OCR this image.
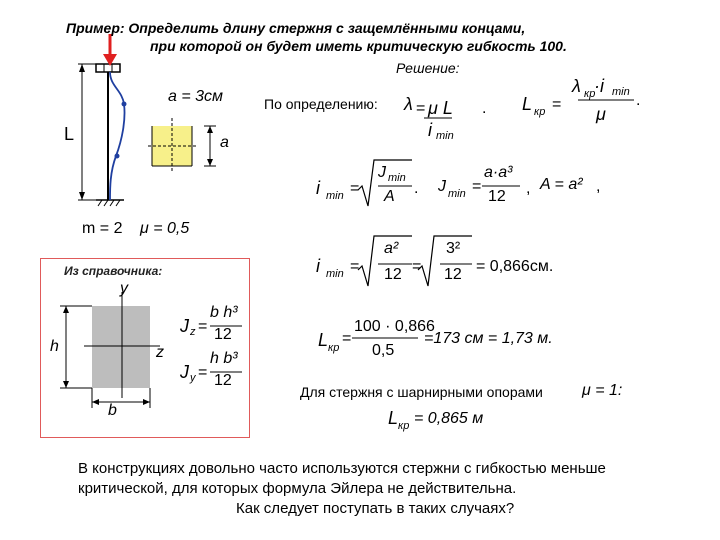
Пример: Определить длину стержня с защемлёнными концами,
при которой он будет иметь критическую гибкость 100.
Решение:
L
m = 2 μ = 0,5
a = 3см
a
По определению: λ = μ L
i min
. L кр =
λ кр
·i min
μ
.
i min =
J min
A . J min =
a·a³
12 , A = a² ,
i min =
a²
12 =
3²
12 = 0,866см.
Из справочника:
y
z
h
b
J z =
b h³
12
J y =
h b³
12
L кр
=
100 · 0,866
0,5
=173 см = 1,73 м.
Для стержня с шарнирными опорами μ = 1:
L кр = 0,865 м
В конструкциях довольно часто используются стержни с гибкостью меньше
критической, для которых формула Эйлера не действительна.
Как следует поступать в таких случаях?
